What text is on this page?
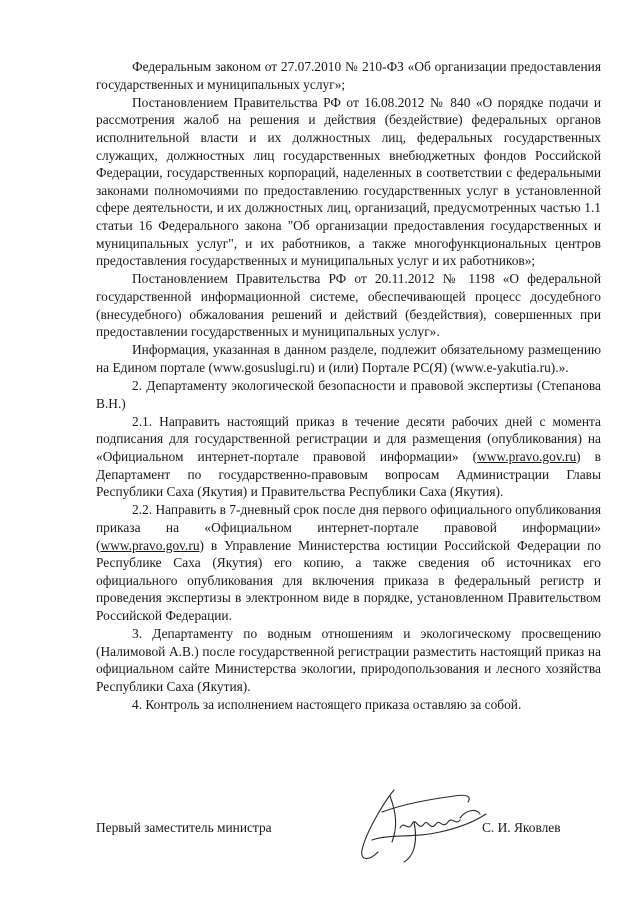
Федеральным законом от 27.07.2010 № 210-ФЗ «Об организации предоставления государственных и муниципальных услуг»;

Постановлением Правительства РФ от 16.08.2012 № 840 «О порядке подачи и рассмотрения жалоб на решения и действия (бездействие) федеральных органов исполнительной власти и их должностных лиц, федеральных государственных служащих, должностных лиц государственных внебюджетных фондов Российской Федерации, государственных корпораций, наделенных в соответствии с федеральными законами полномочиями по предоставлению государственных услуг в установленной сфере деятельности, и их должностных лиц, организаций, предусмотренных частью 1.1 статьи 16 Федерального закона "Об организации предоставления государственных и муниципальных услуг", и их работников, а также многофункциональных центров предоставления государственных и муниципальных услуг и их работников»;

Постановлением Правительства РФ от 20.11.2012 № 1198 «О федеральной государственной информационной системе, обеспечивающей процесс досудебного (внесудебного) обжалования решений и действий (бездействия), совершенных при предоставлении государственных и муниципальных услуг».

Информация, указанная в данном разделе, подлежит обязательному размещению на Едином портале (www.gosuslugi.ru) и (или) Портале РС(Я) (www.e-yakutia.ru).».

2. Департаменту экологической безопасности и правовой экспертизы (Степанова В.Н.)

2.1. Направить настоящий приказ в течение десяти рабочих дней с момента подписания для государственной регистрации и для размещения (опубликования) на «Официальном интернет-портале правовой информации» (www.pravo.gov.ru) в Департамент по государственно-правовым вопросам Администрации Главы Республики Саха (Якутия) и Правительства Республики Саха (Якутия).

2.2. Направить в 7-дневный срок после дня первого официального опубликования приказа на «Официальном интернет-портале правовой информации» (www.pravo.gov.ru) в Управление Министерства юстиции Российской Федерации по Республике Саха (Якутия) его копию, а также сведения об источниках его официального опубликования для включения приказа в федеральный регистр и проведения экспертизы в электронном виде в порядке, установленном Правительством Российской Федерации.

3. Департаменту по водным отношениям и экологическому просвещению (Налимовой А.В.) после государственной регистрации разместить настоящий приказ на официальном сайте Министерства экологии, природопользования и лесного хозяйства Республики Саха (Якутия).

4. Контроль за исполнением настоящего приказа оставляю за собой.

Первый заместитель министра	С. И. Яковлев
